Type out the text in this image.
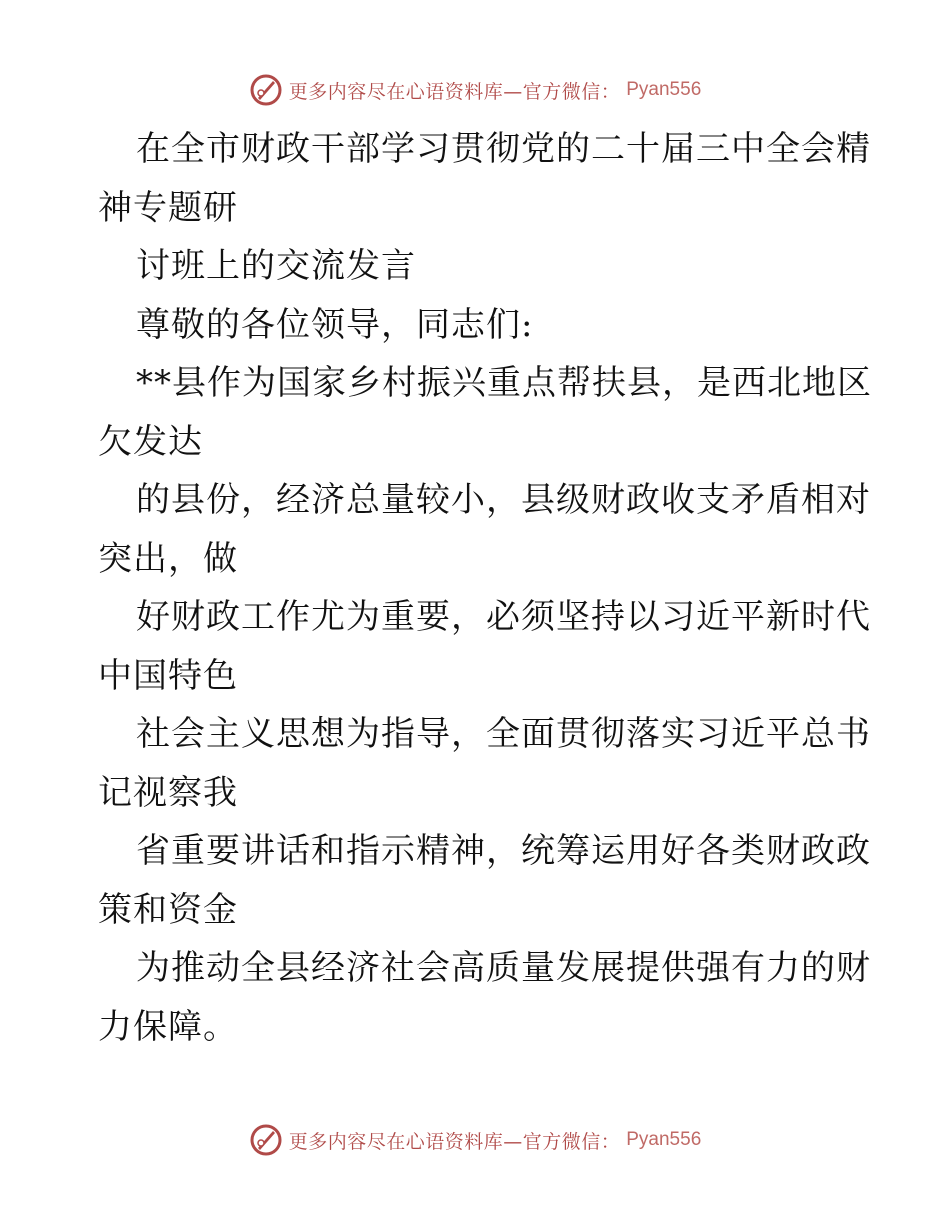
更多内容尽在心语资料库—官方微信： Pyan556
在全市财政干部学习贯彻党的二十届三中全会精
神专题研
讨班上的交流发言
尊敬的各位领导，同志们:
**县作为国家乡村振兴重点帮扶县，是西北地区
欠发达
的县份，经济总量较小，县级财政收支矛盾相对
突出，做
好财政工作尤为重要，必须坚持以习近平新时代
中国特色
社会主义思想为指导，全面贯彻落实习近平总书
记视察我
省重要讲话和指示精神，统筹运用好各类财政政
策和资金
为推动全县经济社会高质量发展提供强有力的财
力保障。
更多内容尽在心语资料库—官方微信： Pyan556
